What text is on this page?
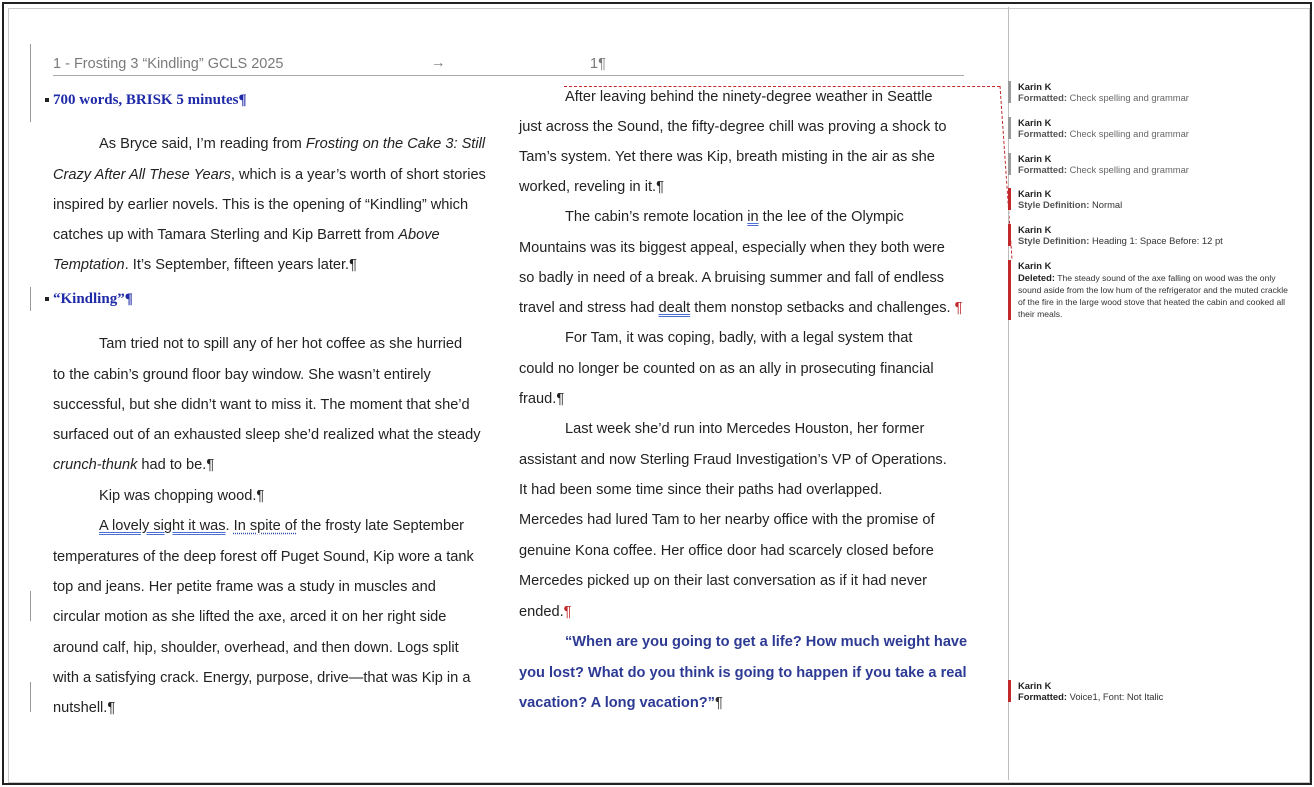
1 - Frosting 3 “Kindling” GCLS 2025	→	1¶
700 words, BRISK 5 minutes¶
As Bryce said, I’m reading from Frosting on the Cake 3: Still
Crazy After All These Years, which is a year’s worth of short stories
inspired by earlier novels. This is the opening of “Kindling” which
catches up with Tamara Sterling and Kip Barrett from Above
Temptation. It’s September, fifteen years later.¶
“Kindling”¶
Tam tried not to spill any of her hot coffee as she hurried
to the cabin’s ground floor bay window. She wasn’t entirely
successful, but she didn’t want to miss it. The moment that she’d
surfaced out of an exhausted sleep she’d realized what the steady
crunch-thunk had to be.¶
Kip was chopping wood.¶
A lovely sight it was. In spite of the frosty late September
temperatures of the deep forest off Puget Sound, Kip wore a tank
top and jeans. Her petite frame was a study in muscles and
circular motion as she lifted the axe, arced it on her right side
around calf, hip, shoulder, overhead, and then down. Logs split
with a satisfying crack. Energy, purpose, drive—that was Kip in a
nutshell.¶
After leaving behind the ninety-degree weather in Seattle
just across the Sound, the fifty-degree chill was proving a shock to
Tam’s system. Yet there was Kip, breath misting in the air as she
worked, reveling in it.¶
The cabin’s remote location in the lee of the Olympic
Mountains was its biggest appeal, especially when they both were
so badly in need of a break. A bruising summer and fall of endless
travel and stress had dealt them nonstop setbacks and challenges. ¶
For Tam, it was coping, badly, with a legal system that
could no longer be counted on as an ally in prosecuting financial
fraud.¶
Last week she’d run into Mercedes Houston, her former
assistant and now Sterling Fraud Investigation’s VP of Operations.
It had been some time since their paths had overlapped.
Mercedes had lured Tam to her nearby office with the promise of
genuine Kona coffee. Her office door had scarcely closed before
Mercedes picked up on their last conversation as if it had never
ended.¶
“When are you going to get a life? How much weight have
you lost? What do you think is going to happen if you take a real
vacation? A long vacation?”¶
Karin K
Formatted: Check spelling and grammar
Karin K
Formatted: Check spelling and grammar
Karin K
Formatted: Check spelling and grammar
Karin K
Style Definition: Normal
Karin K
Style Definition: Heading 1: Space Before: 12 pt
Karin K
Deleted: The steady sound of the axe falling on wood was the only sound aside from the low hum of the refrigerator and the muted crackle of the fire in the large wood stove that heated the cabin and cooked all their meals.
Karin K
Formatted: Voice1, Font: Not Italic
